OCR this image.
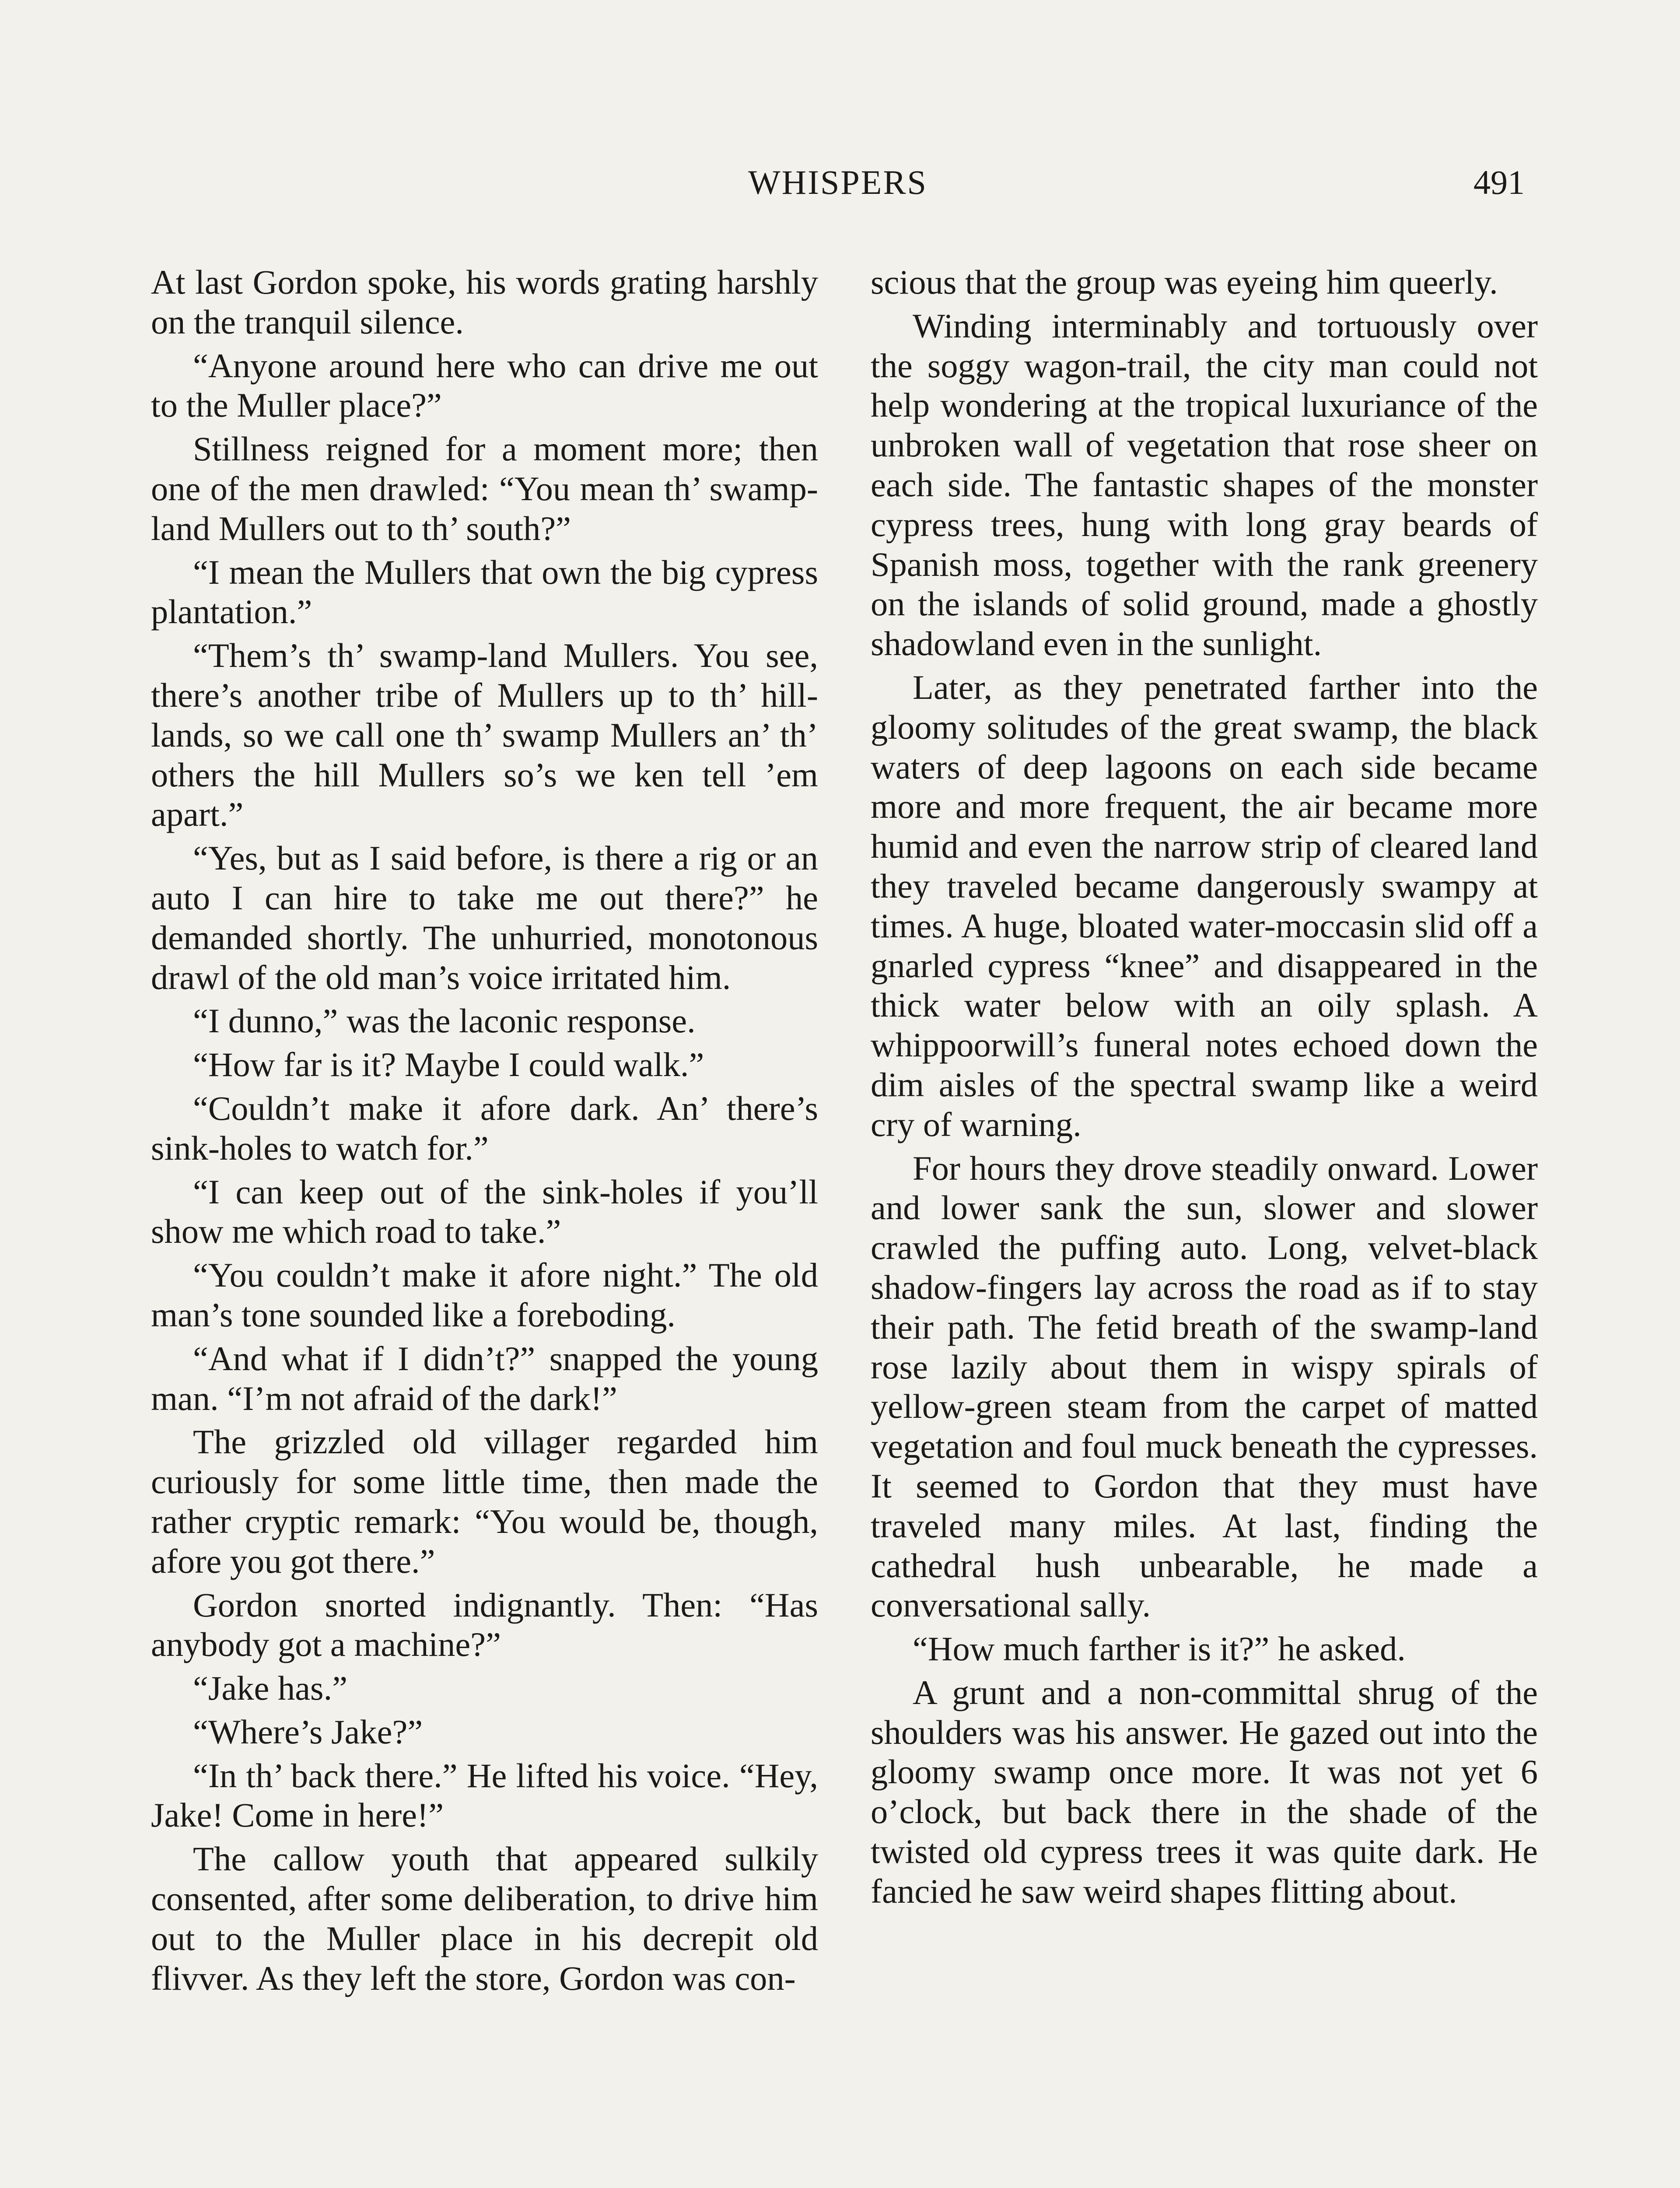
WHISPERS	491

At last Gordon spoke, his words grating harshly on the tranquil silence.

“Anyone around here who can drive me out to the Muller place?”

Stillness reigned for a moment more; then one of the men drawled: “You mean th’ swamp-land Mullers out to th’ south?”

“I mean the Mullers that own the big cypress plantation.”

“Them’s th’ swamp-land Mullers. You see, there’s another tribe of Mullers up to th’ hill-lands, so we call one th’ swamp Mullers an’ th’ others the hill Mullers so’s we ken tell ’em apart.”

“Yes, but as I said before, is there a rig or an auto I can hire to take me out there?” he demanded shortly. The unhurried, monotonous drawl of the old man’s voice irritated him.

“I dunno,” was the laconic response.

“How far is it? Maybe I could walk.”

“Couldn’t make it afore dark. An’ there’s sink-holes to watch for.”

“I can keep out of the sink-holes if you’ll show me which road to take.”

“You couldn’t make it afore night.” The old man’s tone sounded like a foreboding.

“And what if I didn’t?” snapped the young man. “I’m not afraid of the dark!”

The grizzled old villager regarded him curiously for some little time, then made the rather cryptic remark: “You would be, though, afore you got there.”

Gordon snorted indignantly. Then: “Has anybody got a machine?”

“Jake has.”

“Where’s Jake?”

“In th’ back there.” He lifted his voice. “Hey, Jake! Come in here!”

The callow youth that appeared sulkily consented, after some deliberation, to drive him out to the Muller place in his decrepit old flivver. As they left the store, Gordon was con-

scious that the group was eyeing him queerly.

Winding interminably and tortuously over the soggy wagon-trail, the city man could not help wondering at the tropical luxuriance of the unbroken wall of vegetation that rose sheer on each side. The fantastic shapes of the monster cypress trees, hung with long gray beards of Spanish moss, together with the rank greenery on the islands of solid ground, made a ghostly shadowland even in the sunlight.

Later, as they penetrated farther into the gloomy solitudes of the great swamp, the black waters of deep lagoons on each side became more and more frequent, the air became more humid and even the narrow strip of cleared land they traveled became dangerously swampy at times. A huge, bloated water-moccasin slid off a gnarled cypress “knee” and disappeared in the thick water below with an oily splash. A whippoorwill’s funeral notes echoed down the dim aisles of the spectral swamp like a weird cry of warning.

For hours they drove steadily onward. Lower and lower sank the sun, slower and slower crawled the puffing auto. Long, velvet-black shadow-fingers lay across the road as if to stay their path. The fetid breath of the swamp-land rose lazily about them in wispy spirals of yellow-green steam from the carpet of matted vegetation and foul muck beneath the cypresses. It seemed to Gordon that they must have traveled many miles. At last, finding the cathedral hush unbearable, he made a conversational sally.

“How much farther is it?” he asked.

A grunt and a non-committal shrug of the shoulders was his answer. He gazed out into the gloomy swamp once more. It was not yet 6 o’clock, but back there in the shade of the twisted old cypress trees it was quite dark. He fancied he saw weird shapes flitting about.
